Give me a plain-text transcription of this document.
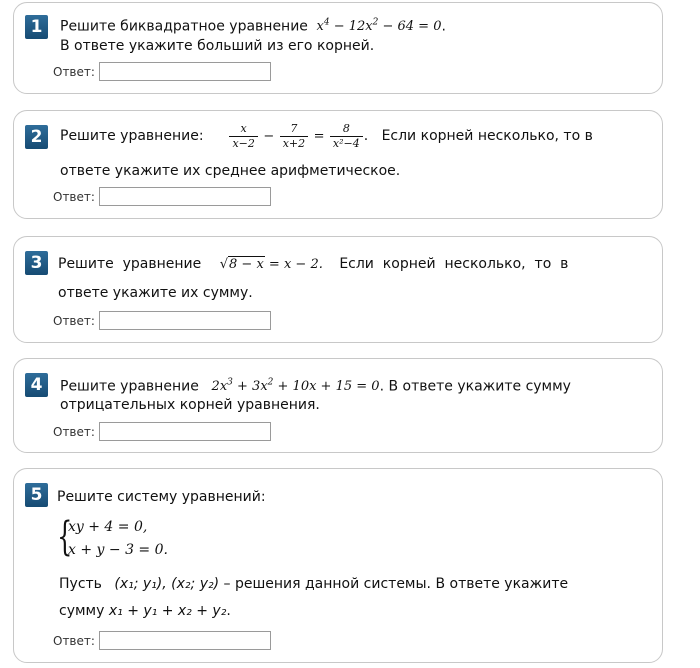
1	Решите биквадратное уравнение  $x^4 - 12x^2 - 64 = 0$.
В ответе укажите больший из его корней.
Ответ:
2	Решите уравнение: $\frac{x}{x-2} - \frac{7}{x+2} = \frac{8}{\text{x²−4}}$ .   Если корней несколько, то в
ответе укажите их среднее арифметическое.
Ответ:
3	Решите  уравнение √8 − x = x − 2. Если  корней  несколько,  то  в
ответе укажите их сумму.
Ответ:
4	Решите уравнение   $2x^3 + 3x^2 + 10x + 15 = 0$. В ответе укажите сумму
отрицательных корней уравнения.
Ответ:
5	Решите систему уравнений:
{
xy + 4 = 0,
x + y − 3 = 0.
Пусть (x₁; y₁), (x₂; y₂) – решения данной системы. В ответе укажите
сумму x₁ + y₁ + x₂ + y₂.
Ответ:
